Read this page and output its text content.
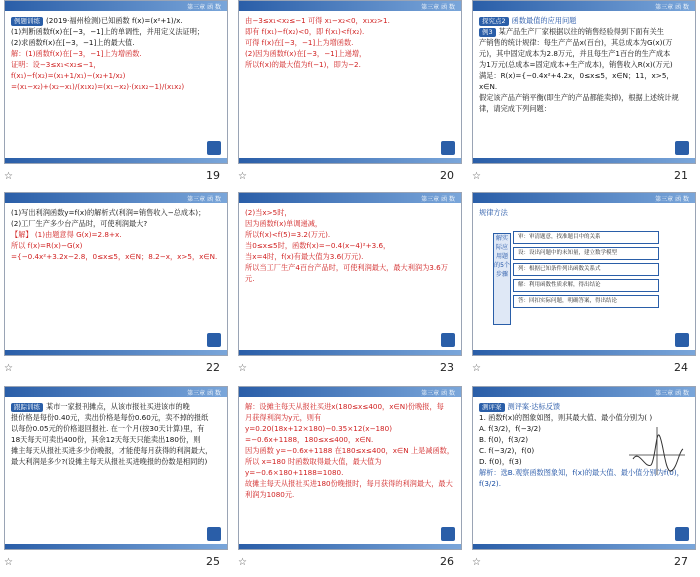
第三章 函 数
例题训练 (2019·福州检测)已知函数 f(x)=(x²+1)/x.
(1)判断函数f(x)在[−3，−1]上的单调性，并用定义法证明；
(2)求函数f(x)在[−3，−1]上的最大值.
解：(1)函数f(x)在[−3，−1]上为增函数.
证明：设−3≤x₁<x₂≤−1，
f(x₁)−f(x₂)=(x₁+1/x₁)−(x₂+1/x₂)
=(x₁−x₂)+(x₂−x₁)/(x₁x₂)=(x₁−x₂)·(x₁x₂−1)/(x₁x₂)
☆	19
第三章 函 数
由−3≤x₁<x₂≤−1 可得 x₁−x₂<0，x₁x₂>1.
即有 f(x₁)−f(x₂)<0，即 f(x₁)<f(x₂).
可得 f(x)在[−3，−1]上为增函数.
(2)因为函数f(x)在[−3，−1]上递增，
所以f(x)的最大值为f(−1)，即为−2.
☆	20
第三章 函 数
探究点2 函数最值的应用问题
例3 某产品生产厂家根据以往的销售经验得到下面有关生
产销售的统计规律：每生产产品x(百台)，其总成本为G(x)(万
元)，其中固定成本为2.8万元，并且每生产1百台的生产成本
为1万元(总成本=固定成本+生产成本)，销售收入R(x)(万元)
满足：R(x)={−0.4x²+4.2x，0≤x≤5，x∈N；11，x>5，x∈N.
假定该产品产销平衡(即生产的产品都能卖掉)，根据上述统计规律，请完成下列问题：
☆	21
第三章 函 数
(1)写出利润函数y=f(x)的解析式(利润=销售收入−总成本)；
(2)工厂生产多少台产品时，可使利润最大?
【解】 (1)由题意得 G(x)=2.8+x.
所以 f(x)=R(x)−G(x)
={−0.4x²+3.2x−2.8，0≤x≤5，x∈N；8.2−x，x>5，x∈N.
☆	22
第三章 函 数
(2)当x>5时，
因为函数f(x)单调递减，
所以f(x)<f(5)=3.2(万元).
当0≤x≤5时，函数f(x)=−0.4(x−4)²+3.6，
当x=4时，f(x)有最大值为3.6(万元).
所以当工厂生产4百台产品时，可使利润最大，最大利润为3.6万元.
☆	23
第三章 函 数
规律方法
解实际应用题的5个步骤
审：审清题意，找准题目中的关系
设：设出问题中的未知量，建立数学模型
列：根据已知条件列出函数关系式
解：利用函数性质求解，得出结论
答：回扣实际问题，明确答案，得出结论
☆	24
第三章 函 数
跟踪训练 某市一家报刊摊点，从该市报社买进该市的晚
报价格是每份0.40元，卖出价格是每份0.60元，卖不掉的报纸
以每份0.05元的价格退回报社. 在一个月(按30天计算)里，有
18天每天可卖出400份，其余12天每天只能卖出180份，则
摊主每天从报社买进多少份晚报，才能使每月获得的利润最大，
最大利润是多少?(设摊主每天从报社买进晚报的份数是相同的)
☆	25
第三章 函 数
解：设摊主每天从报社买进x(180≤x≤400，x∈N)份晚报，每
月获得利润为y元，则有 y=0.20(18x+12×180)−0.35×12(x−180)
=−0.6x+1188，180≤x≤400，x∈N.
因为函数 y=−0.6x+1188 在180≤x≤400，x∈N 上是减函数，
所以 x=180 时函数取得最大值，最大值为 y=−0.6×180+1188=1080.
故摊主每天从报社买进180份晚报时，每月获得的利润最大，最大利润为1080元.
☆	26
第三章 函 数
测评案 测评案·达标反馈
1. 函数f(x)的图象如图，则其最大值、最小值分别为( )
A. f(3/2)，f(−3/2)
B. f(0)，f(3/2)
C. f(−3/2)，f(0)
D. f(0)，f(3)
解析：选B.观察函数图象知，f(x)的最大值、最小值分别为f(0)，f(3/2).
☆	27
